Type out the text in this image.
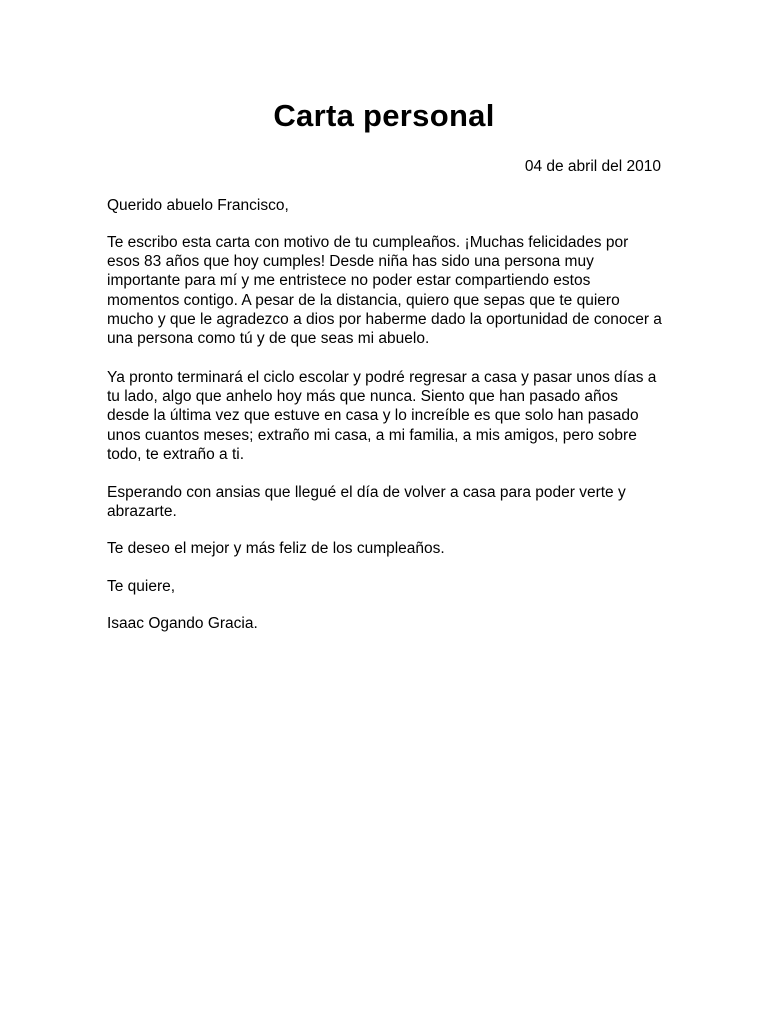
Carta personal
04 de abril del 2010

Querido abuelo Francisco,

Te escribo esta carta con motivo de tu cumpleaños. ¡Muchas felicidades por esos 83 años que hoy cumples! Desde niña has sido una persona muy importante para mí y me entristece no poder estar compartiendo estos momentos contigo. A pesar de la distancia, quiero que sepas que te quiero mucho y que le agradezco a dios por haberme dado la oportunidad de conocer a una persona como tú y de que seas mi abuelo.

Ya pronto terminará el ciclo escolar y podré regresar a casa y pasar unos días a tu lado, algo que anhelo hoy más que nunca. Siento que han pasado años desde la última vez que estuve en casa y lo increíble es que solo han pasado unos cuantos meses; extraño mi casa, a mi familia, a mis amigos, pero sobre todo, te extraño a ti.

Esperando con ansias que llegué el día de volver a casa para poder verte y abrazarte.

Te deseo el mejor y más feliz de los cumpleaños.

Te quiere,

Isaac Ogando Gracia.
